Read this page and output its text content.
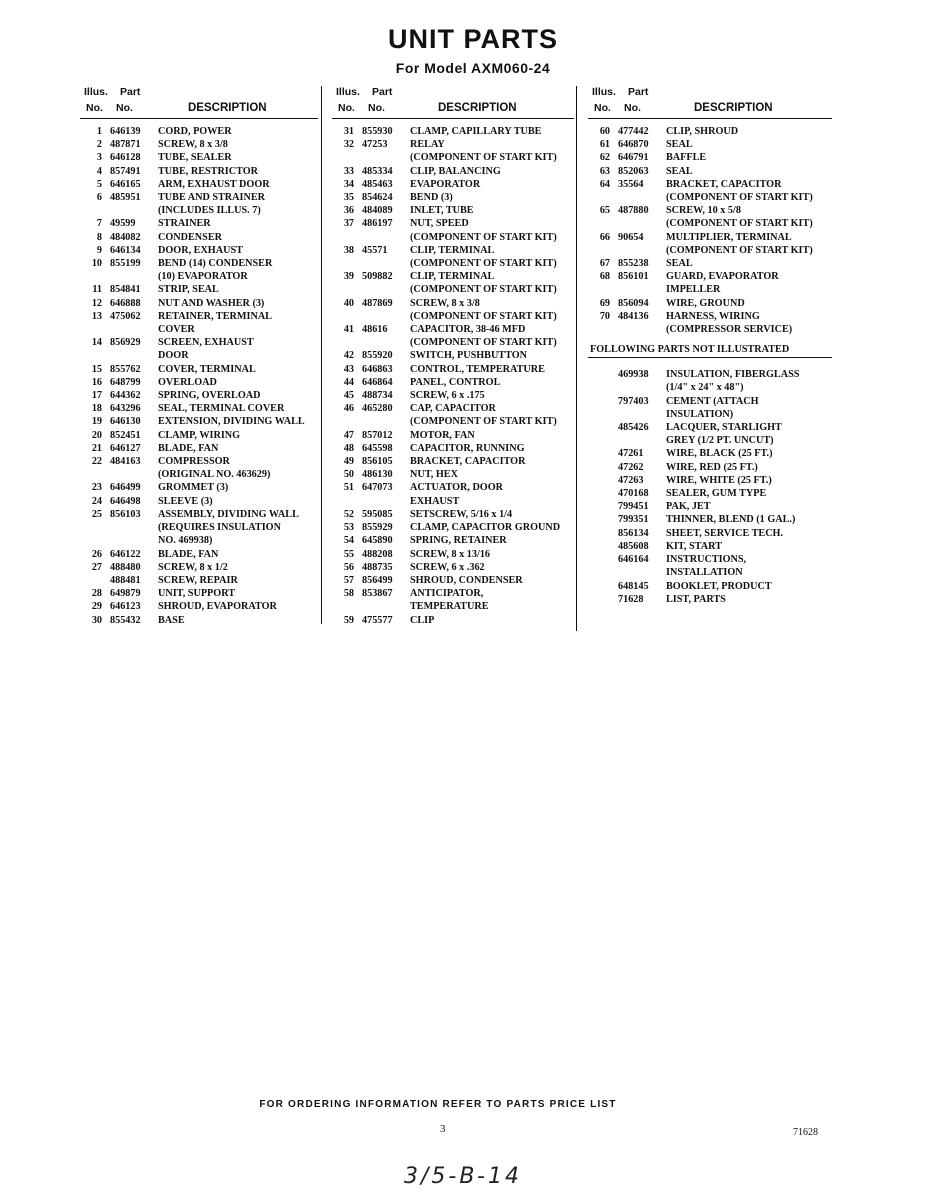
UNIT PARTS
For Model AXM060-24
Illus. Part
No. No.	DESCRIPTION
1 646139	CORD, POWER
2 487871	SCREW, 8 x 3/8
3 646128	TUBE, SEALER
4 857491	TUBE, RESTRICTOR
5 646165	ARM, EXHAUST DOOR
6 485951	TUBE AND STRAINER
(INCLUDES ILLUS. 7)
7 49599	STRAINER
8 484082	CONDENSER
9 646134	DOOR, EXHAUST
10 855199	BEND (14) CONDENSER
(10) EVAPORATOR
11 854841	STRIP, SEAL
12 646888	NUT AND WASHER (3)
13 475062	RETAINER, TERMINAL
COVER
14 856929	SCREEN, EXHAUST
DOOR
15 855762	COVER, TERMINAL
16 648799	OVERLOAD
17 644362	SPRING, OVERLOAD
18 643296	SEAL, TERMINAL COVER
19 646130	EXTENSION, DIVIDING WALL
20 852451	CLAMP, WIRING
21 646127	BLADE, FAN
22 484163	COMPRESSOR
(ORIGINAL NO. 463629)
23 646499	GROMMET (3)
24 646498	SLEEVE (3)
25 856103	ASSEMBLY, DIVIDING WALL
(REQUIRES INSULATION
NO. 469938)
26 646122	BLADE, FAN
27 488480	SCREW, 8 x 1/2
488481	SCREW, REPAIR
28 649879	UNIT, SUPPORT
29 646123	SHROUD, EVAPORATOR
30 855432	BASE
Illus. Part
No. No.	DESCRIPTION
31 855930	CLAMP, CAPILLARY TUBE
32 47253	RELAY
(COMPONENT OF START KIT)
33 485334	CLIP, BALANCING
34 485463	EVAPORATOR
35 854624	BEND (3)
36 484089	INLET, TUBE
37 486197	NUT, SPEED
(COMPONENT OF START KIT)
38 45571	CLIP, TERMINAL
(COMPONENT OF START KIT)
39 509882	CLIP, TERMINAL
(COMPONENT OF START KIT)
40 487869	SCREW, 8 x 3/8
(COMPONENT OF START KIT)
41 48616	CAPACITOR, 38-46 MFD
(COMPONENT OF START KIT)
42 855920	SWITCH, PUSHBUTTON
43 646863	CONTROL, TEMPERATURE
44 646864	PANEL, CONTROL
45 488734	SCREW, 6 x .175
46 465280	CAP, CAPACITOR
(COMPONENT OF START KIT)
47 857012	MOTOR, FAN
48 645598	CAPACITOR, RUNNING
49 856105	BRACKET, CAPACITOR
50 486130	NUT, HEX
51 647073	ACTUATOR, DOOR
EXHAUST
52 595085	SETSCREW, 5/16 x 1/4
53 855929	CLAMP, CAPACITOR GROUND
54 645890	SPRING, RETAINER
55 488208	SCREW, 8 x 13/16
56 488735	SCREW, 6 x .362
57 856499	SHROUD, CONDENSER
58 853867	ANTICIPATOR,
TEMPERATURE
59 475577	CLIP
Illus. Part
No. No.	DESCRIPTION
60 477442	CLIP, SHROUD
61 646870	SEAL
62 646791	BAFFLE
63 852063	SEAL
64 35564	BRACKET, CAPACITOR
(COMPONENT OF START KIT)
65 487880	SCREW, 10 x 5/8
(COMPONENT OF START KIT)
66 90654	MULTIPLIER, TERMINAL
(COMPONENT OF START KIT)
67 855238	SEAL
68 856101	GUARD, EVAPORATOR
IMPELLER
69 856094	WIRE, GROUND
70 484136	HARNESS, WIRING
(COMPRESSOR SERVICE)
FOLLOWING PARTS NOT ILLUSTRATED
469938	INSULATION, FIBERGLASS
(1/4" x 24" x 48")
797403	CEMENT (ATTACH
INSULATION)
485426	LACQUER, STARLIGHT
GREY (1/2 PT. UNCUT)
47261	WIRE, BLACK (25 FT.)
47262	WIRE, RED (25 FT.)
47263	WIRE, WHITE (25 FT.)
470168	SEALER, GUM TYPE
799451	PAK, JET
799351	THINNER, BLEND (1 GAL.)
856134	SHEET, SERVICE TECH.
485608	KIT, START
646164	INSTRUCTIONS,
INSTALLATION
648145	BOOKLET, PRODUCT
71628	LIST, PARTS
FOR ORDERING INFORMATION REFER TO PARTS PRICE LIST
3	71628
3/5-B-14
